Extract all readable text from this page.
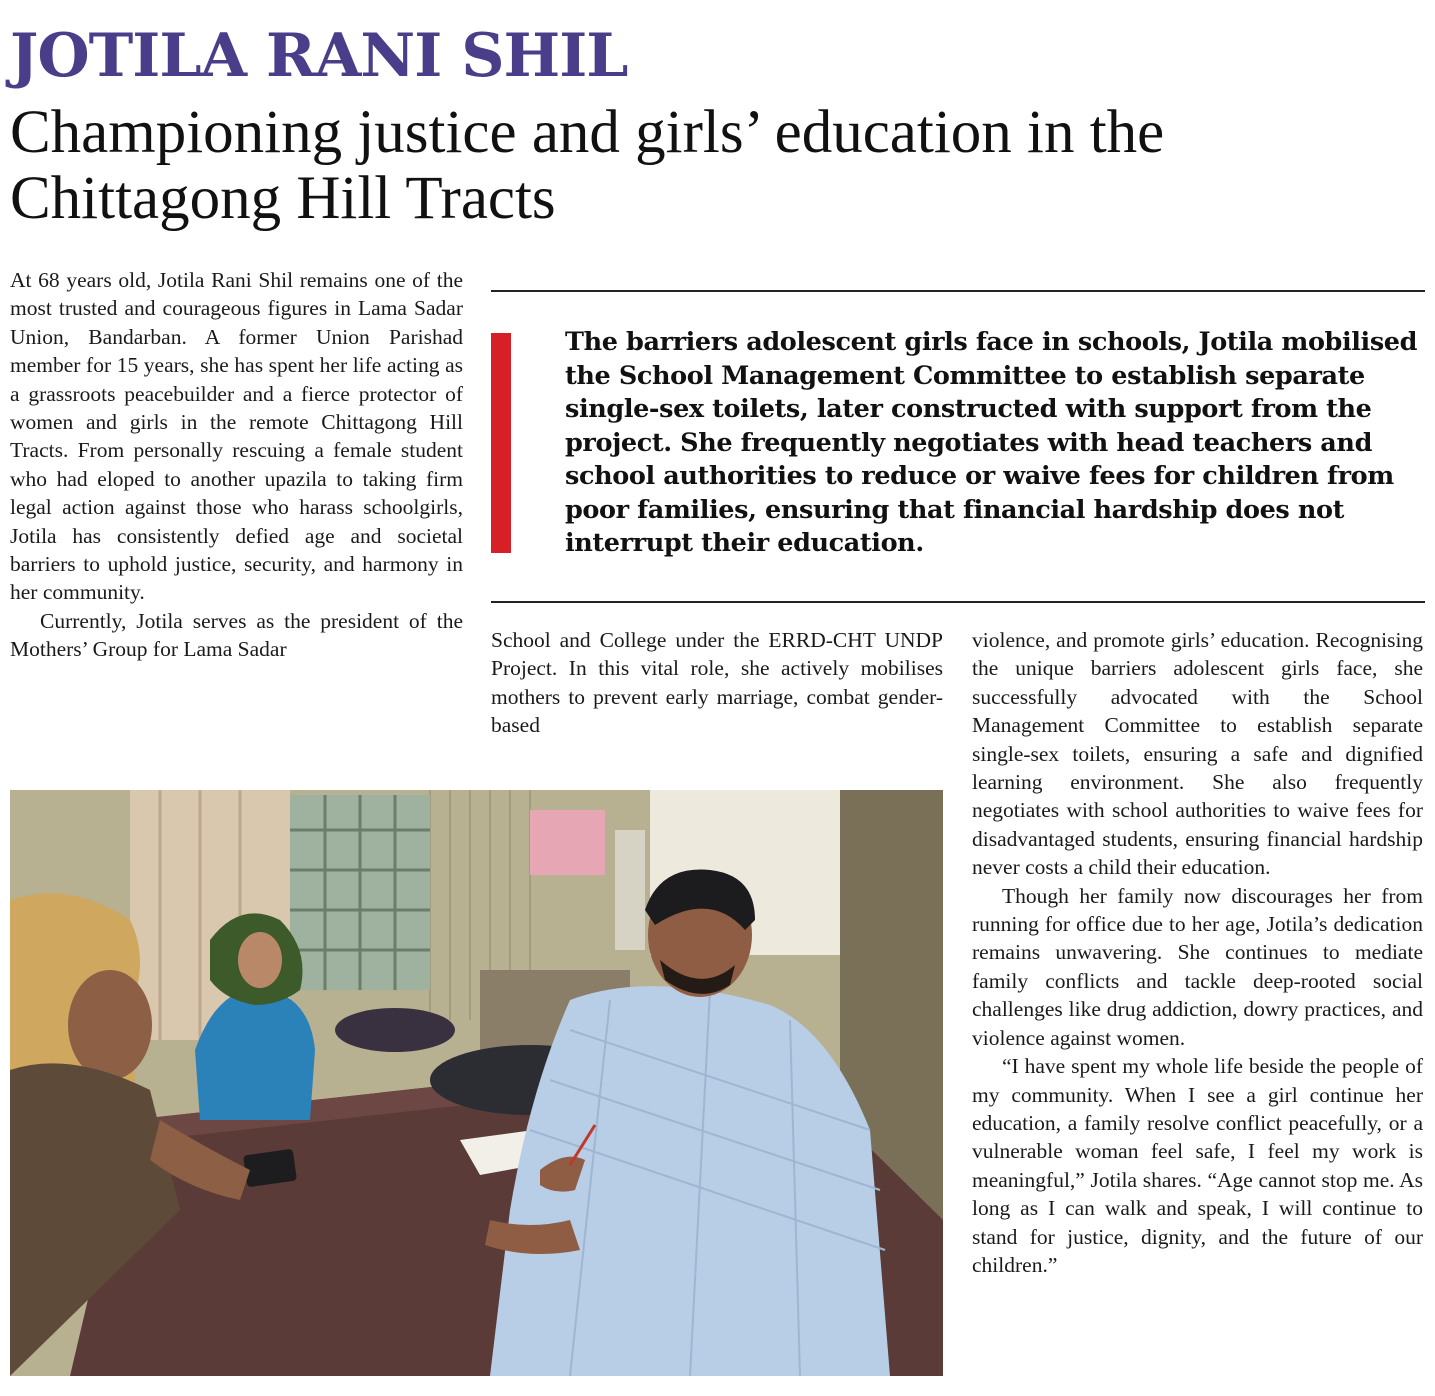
JOTILA RANI SHIL
Championing justice and girls’ education in the Chittagong Hill Tracts

At 68 years old, Jotila Rani Shil remains one of the most trusted and courageous figures in Lama Sadar Union, Bandarban. A former Union Parishad member for 15 years, she has spent her life acting as a grassroots peacebuilder and a fierce protector of women and girls in the remote Chittagong Hill Tracts. From personally rescuing a female student who had eloped to another upazila to taking firm legal action against those who harass schoolgirls, Jotila has consistently defied age and societal barriers to uphold justice, security, and harmony in her community.

Currently, Jotila serves as the president of the Mothers’ Group for Lama Sadar

The barriers adolescent girls face in schools, Jotila mobilised the School Management Committee to establish separate single-sex toilets, later constructed with support from the project. She frequently negotiates with head teachers and school authorities to reduce or waive fees for children from poor families, ensuring that financial hardship does not interrupt their education.

School and College under the ERRD-CHT UNDP Project. In this vital role, she actively mobilises mothers to prevent early marriage, combat gender-based

violence, and promote girls’ education. Recognising the unique barriers adolescent girls face, she successfully advocated with the School Management Committee to establish separate single-sex toilets, ensuring a safe and dignified learning environment. She also frequently negotiates with school authorities to waive fees for disadvantaged students, ensuring financial hardship never costs a child their education.

Though her family now discourages her from running for office due to her age, Jotila’s dedication remains unwavering. She continues to mediate family conflicts and tackle deep-rooted social challenges like drug addiction, dowry practices, and violence against women.

“I have spent my whole life beside the people of my community. When I see a girl continue her education, a family resolve conflict peacefully, or a vulnerable woman feel safe, I feel my work is meaningful,” Jotila shares. “Age cannot stop me. As long as I can walk and speak, I will continue to stand for justice, dignity, and the future of our children.”
